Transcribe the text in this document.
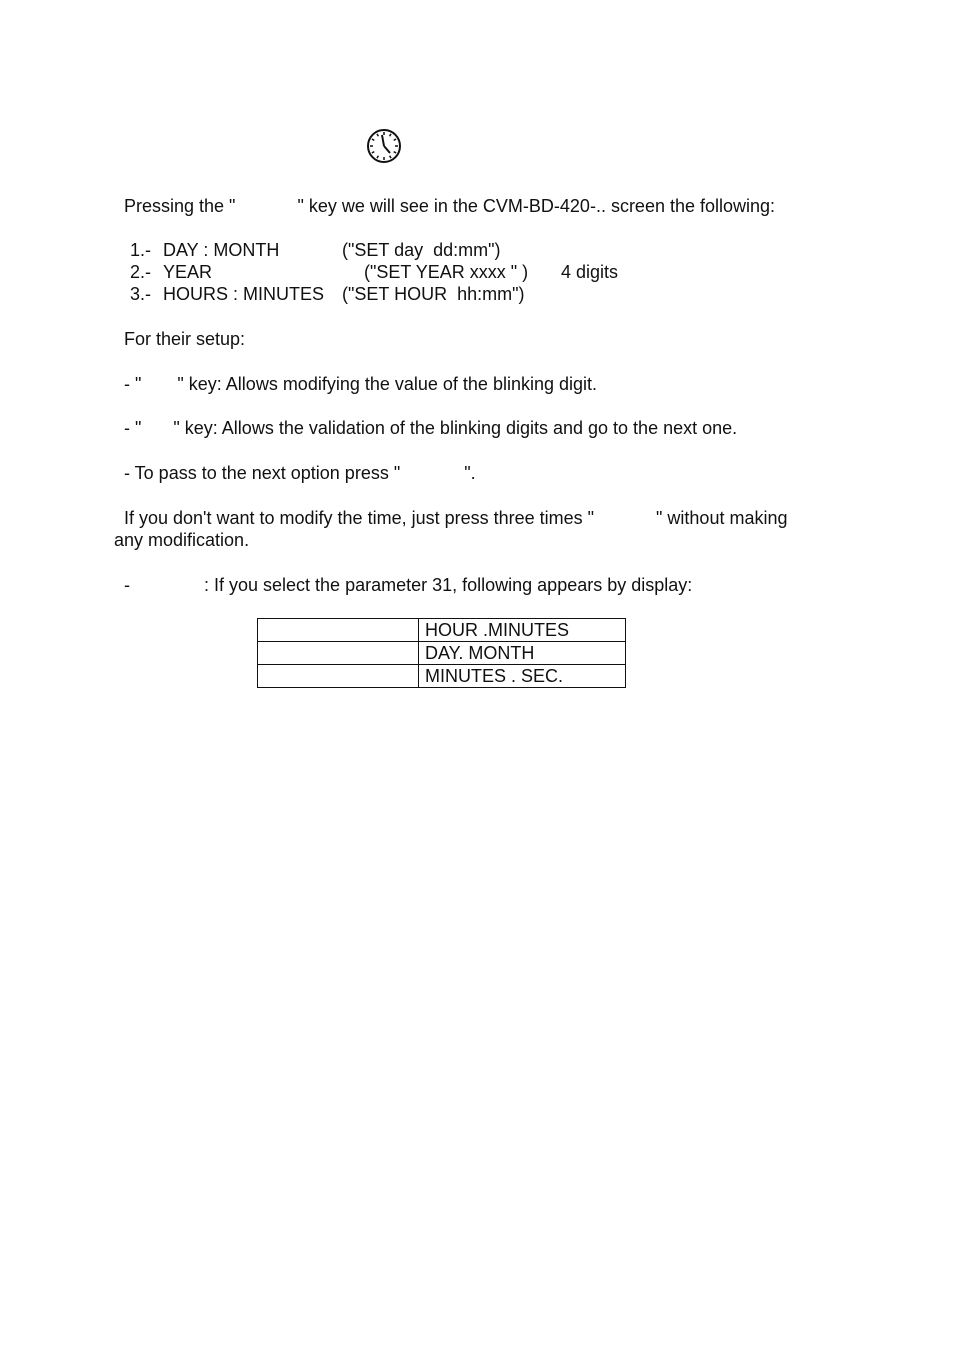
Pressing the "	" key we will see in the CVM-BD-420-.. screen the following:
1.- DAY : MONTH	("SET day  dd:mm")
2.- YEAR	("SET YEAR xxxx " ) 4 digits
3.- HOURS : MINUTES ("SET HOUR  hh:mm")
For their setup:
- " " key: Allows modifying the value of the blinking digit.
- " " key: Allows the validation of the blinking digits and go to the next one.
- To pass to the next option press "	".
If you don't want to modify the time, just press three times "	" without making
any modification.
-	: If you select the parameter 31, following appears by display:
	HOUR .MINUTES
	DAY. MONTH
	MINUTES . SEC.
